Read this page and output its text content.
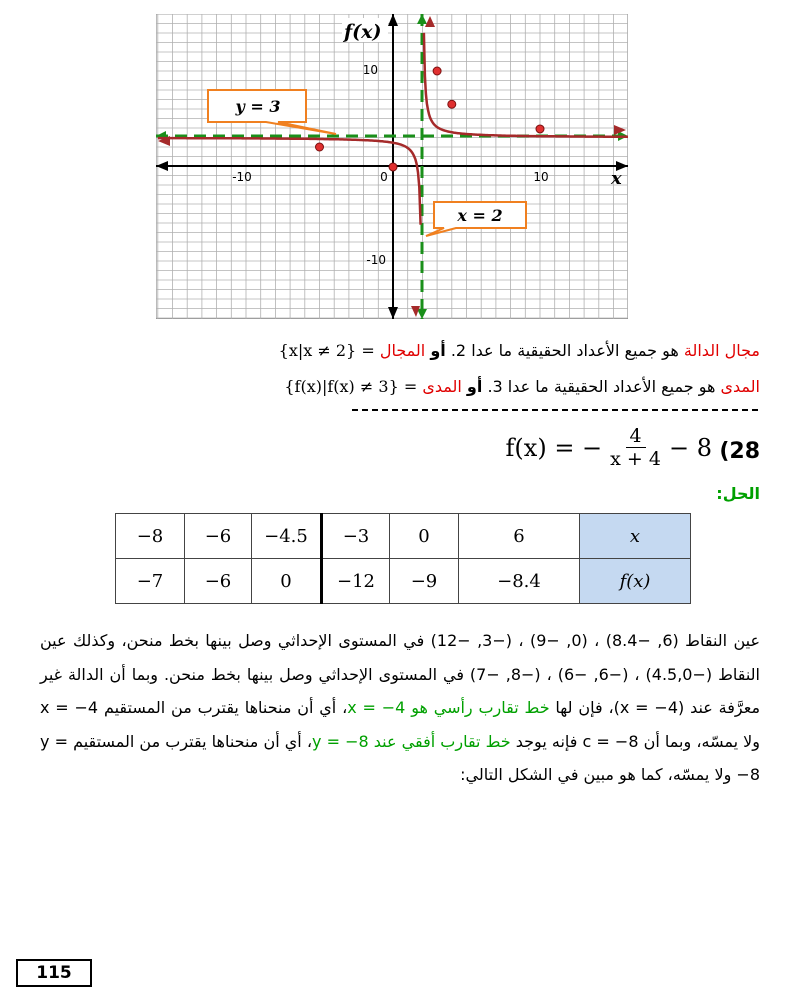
-10	0	10
10
-10
x
f(x)
y = 3
x = 2
مجال الدالة هو جميع الأعداد الحقيقية ما عدا 2. أو المجال = {x|x ≠ 2}
المدى هو جميع الأعداد الحقيقية ما عدا 3. أو المدى = {f(x)|f(x) ≠ 3}
f(x) = − $\frac{4}{x + 4} - 8$ (28
الحل:
−8	−6	−4.5	−3	0	6	x
−7	−6	0	−12	−9	−8.4	f(x)
عين النقاط (6, −8.4) ، (0, −9) ، (−3, −12) في المستوى الإحداثي وصل بينها بخط منحن، وكذلك عين النقاط (−4.5,0) ، (−6, −6) ، (−8, −7) في المستوى الإحداثي وصل بينها بخط منحن. وبما أن الدالة غير معرَّفة عند (x = −4)، فإن لها خط تقارب رأسي هو x = −4، أي أن منحناها يقترب من المستقيم x = −4 ولا يمسّه، وبما أن c = −8 فإنه يوجد خط تقارب أفقي عند y = −8، أي أن منحناها يقترب من المستقيم y = −8 ولا يمسّه، كما هو مبين في الشكل التالي:
115
